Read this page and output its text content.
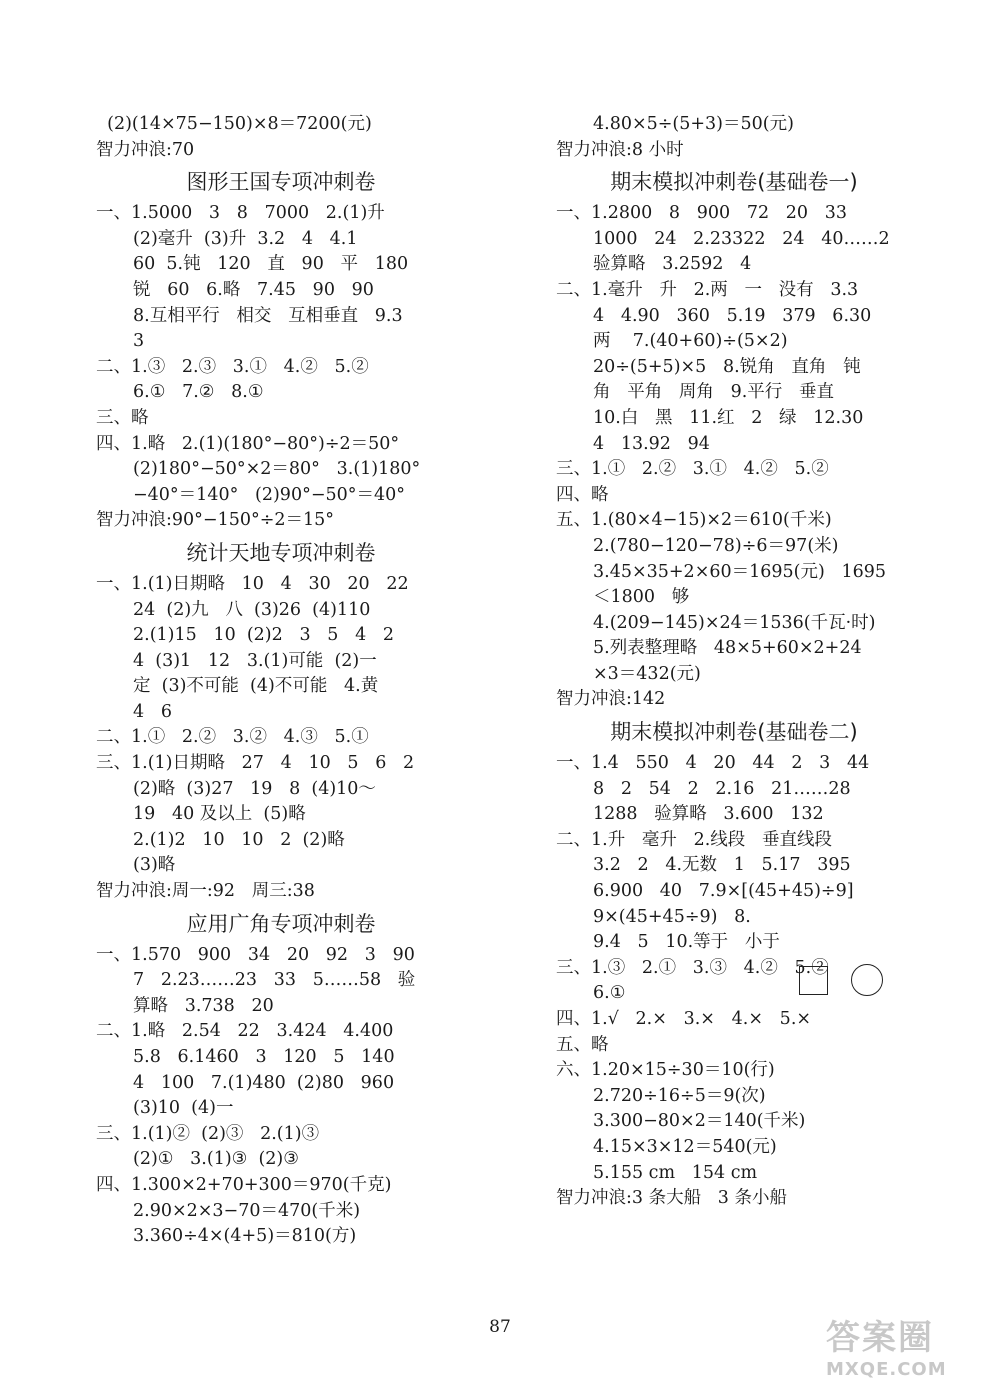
(2)(14×75−150)×8＝7200(元)
智力冲浪:70
图形王国专项冲刺卷
一、1.5000   3   8   7000   2.(1)升
(2)毫升  (3)升  3.2   4   4.1
60  5.钝   120   直   90   平   180
锐   60   6.略   7.45   90   90
8.互相平行   相交   互相垂直   9.3
3
二、1.③   2.③   3.①   4.②   5.②
6.①   7.②   8.①
三、略
四、1.略   2.(1)(180°−80°)÷2＝50°
(2)180°−50°×2＝80°   3.(1)180°
−40°＝140°   (2)90°−50°＝40°
智力冲浪:90°−150°÷2＝15°
统计天地专项冲刺卷
一、1.(1)日期略   10   4   30   20   22
24  (2)九   八  (3)26  (4)110
2.(1)15   10  (2)2   3   5   4   2
4  (3)1   12   3.(1)可能  (2)一
定  (3)不可能  (4)不可能   4.黄
4   6
二、1.①   2.②   3.②   4.③   5.①
三、1.(1)日期略   27   4   10   5   6   2
(2)略  (3)27   19   8  (4)10～
19   40 及以上  (5)略
2.(1)2   10   10   2  (2)略
(3)略
智力冲浪:周一:92   周三:38
应用广角专项冲刺卷
一、1.570   900   34   20   92   3   90
7   2.23……23   33   5……58   验
算略   3.738   20
二、1.略   2.54   22   3.424   4.400
5.8   6.1460   3   120   5   140
4   100   7.(1)480  (2)80   960
(3)10  (4)一
三、1.(1)②  (2)③   2.(1)③
(2)①   3.(1)③  (2)③
四、1.300×2+70+300＝970(千克)
2.90×2×3−70＝470(千米)
3.360÷4×(4+5)＝810(方)
4.80×5÷(5+3)＝50(元)
智力冲浪:8 小时
期末模拟冲刺卷(基础卷一)
一、1.2800   8   900   72   20   33
1000   24   2.23322   24   40……2
验算略   3.2592   4
二、1.毫升   升   2.两   一   没有   3.3
4   4.90   360   5.19   379   6.30
两    7.(40+60)÷(5×2)
20÷(5+5)×5   8.锐角   直角   钝
角   平角   周角   9.平行   垂直
10.白   黑   11.红   2   绿   12.30
4   13.92   94
三、1.①   2.②   3.①   4.②   5.②
四、略
五、1.(80×4−15)×2＝610(千米)
2.(780−120−78)÷6＝97(米)
3.45×35+2×60＝1695(元)   1695
＜1800   够
4.(209−145)×24＝1536(千瓦·时)
5.列表整理略   48×5+60×2+24
×3＝432(元)
智力冲浪:142
期末模拟冲刺卷(基础卷二)
一、1.4   550   4   20   44   2   3   44
8   2   54   2   2.16   21……28
1288   验算略   3.600   132
二、1.升   毫升   2.线段   垂直线段
3.2   2   4.无数   1   5.17   395
6.900   40   7.9×[(45+45)÷9]
9×(45+45÷9)   8.
9.4   5   10.等于   小于
三、1.③   2.①   3.③   4.②   5.②
6.①
四、1.√   2.×   3.×   4.×   5.×
五、略
六、1.20×15÷30＝10(行)
2.720÷16÷5＝9(次)
3.300−80×2＝140(千米)
4.15×3×12＝540(元)
5.155 cm   154 cm
智力冲浪:3 条大船   3 条小船
87	答案圈
MXQE.COM
